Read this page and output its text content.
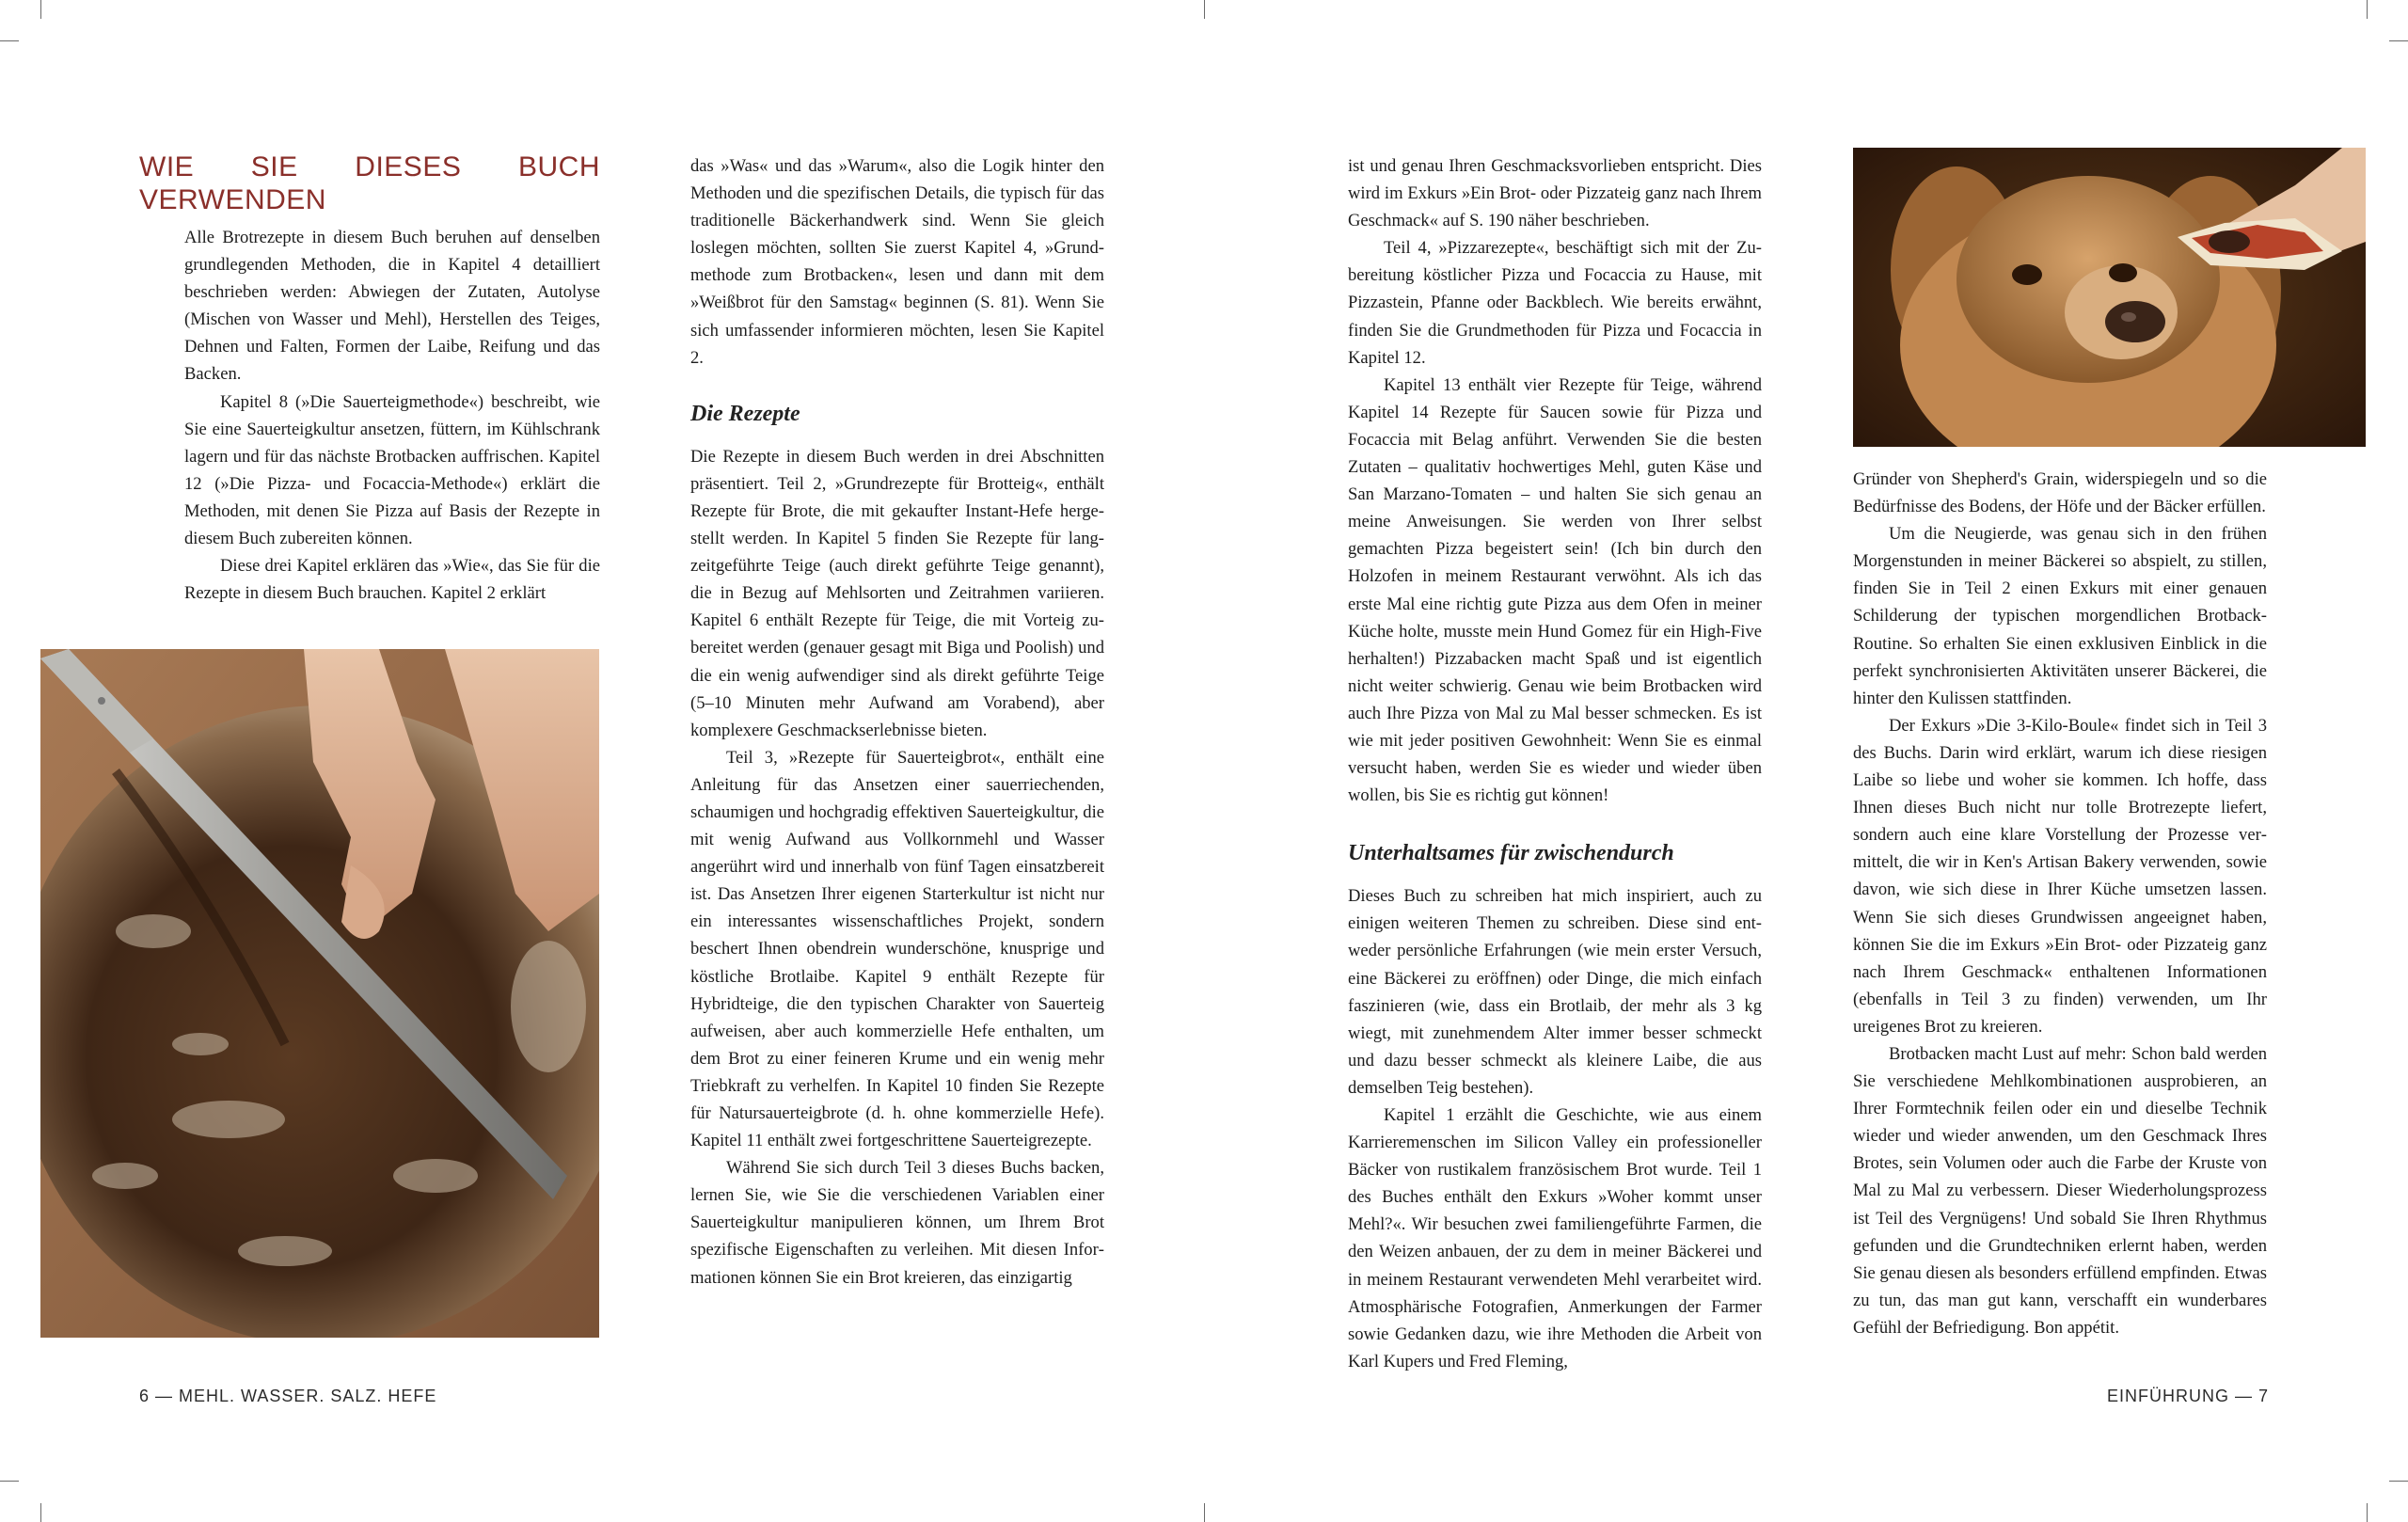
WIE SIE DIESES BUCH VERWENDEN

Alle Brotrezepte in diesem Buch beruhen auf denselben grundlegenden Methoden, die in Kapitel 4 detailliert beschrieben werden: Abwiegen der Zutaten, Autolyse (Mischen von Wasser und Mehl), Herstellen des Teiges, Dehnen und Falten, Formen der Laibe, Reifung und das Backen.

Kapitel 8 (»Die Sauerteigmethode«) beschreibt, wie Sie eine Sauerteigkultur ansetzen, füttern, im Kühlschrank lagern und für das nächste Brotbacken auffrischen. Kapitel 12 (»Die Pizza- und Focaccia-Methode«) erklärt die Methoden, mit denen Sie Pizza auf Basis der Rezepte in diesem Buch zubereiten können.

Diese drei Kapitel erklären das »Wie«, das Sie für die Rezepte in diesem Buch brauchen. Kapitel 2 erklärt

das »Was« und das »Warum«, also die Logik hinter den Methoden und die spezifischen Details, die typisch für das traditionelle Bäckerhandwerk sind. Wenn Sie gleich loslegen möchten, sollten Sie zuerst Kapitel 4, »Grundmethode zum Brotbacken«, lesen und dann mit dem »Weißbrot für den Samstag« beginnen (S. 81). Wenn Sie sich umfassender informieren möchten, lesen Sie Kapitel 2.

Die Rezepte

Die Rezepte in diesem Buch werden in drei Abschnitten präsentiert. Teil 2, »Grundrezepte für Brotteig«, enthält Rezepte für Brote, die mit gekaufter Instant-Hefe hergestellt werden. In Kapitel 5 finden Sie Rezepte für langzeitgeführte Teige (auch direkt geführte Teige genannt), die in Bezug auf Mehlsorten und Zeitrahmen variieren. Kapitel 6 enthält Rezepte für Teige, die mit Vorteig zubereitet werden (genauer gesagt mit Biga und Poolish) und die ein wenig aufwendiger sind als direkt geführte Teige (5–10 Minuten mehr Aufwand am Vorabend), aber komplexere Geschmackserlebnisse bieten.

Teil 3, »Rezepte für Sauerteigbrot«, enthält eine Anleitung für das Ansetzen einer sauerriechenden, schaumigen und hochgradig effektiven Sauerteigkultur, die mit wenig Aufwand aus Vollkornmehl und Wasser angerührt wird und innerhalb von fünf Tagen einsatzbereit ist. Das Ansetzen Ihrer eigenen Starterkultur ist nicht nur ein interessantes wissenschaftliches Projekt, sondern beschert Ihnen obendrein wunderschöne, knusprige und köstliche Brotlaibe. Kapitel 9 enthält Rezepte für Hybridteige, die den typischen Charakter von Sauerteig aufweisen, aber auch kommerzielle Hefe enthalten, um dem Brot zu einer feineren Krume und ein wenig mehr Triebkraft zu verhelfen. In Kapitel 10 finden Sie Rezepte für Natursauerteigbrote (d. h. ohne kommerzielle Hefe). Kapitel 11 enthält zwei fortgeschrittene Sauerteigrezepte.

Während Sie sich durch Teil 3 dieses Buchs backen, lernen Sie, wie Sie die verschiedenen Variablen einer Sauerteigkultur manipulieren können, um Ihrem Brot spezifische Eigenschaften zu verleihen. Mit diesen Informationen können Sie ein Brot kreieren, das einzigartig

6 — MEHL. WASSER. SALZ. HEFE

ist und genau Ihren Geschmacksvorlieben entspricht. Dies wird im Exkurs »Ein Brot- oder Pizzateig ganz nach Ihrem Geschmack« auf S. 190 näher beschrieben.

Teil 4, »Pizzarezepte«, beschäftigt sich mit der Zubereitung köstlicher Pizza und Focaccia zu Hause, mit Pizzastein, Pfanne oder Backblech. Wie bereits erwähnt, finden Sie die Grundmethoden für Pizza und Focaccia in Kapitel 12.

Kapitel 13 enthält vier Rezepte für Teige, während Kapitel 14 Rezepte für Saucen sowie für Pizza und Focaccia mit Belag anführt. Verwenden Sie die besten Zutaten – qualitativ hochwertiges Mehl, guten Käse und San Marzano-Tomaten – und halten Sie sich genau an meine Anweisungen. Sie werden von Ihrer selbst gemachten Pizza begeistert sein! (Ich bin durch den Holzofen in meinem Restaurant verwöhnt. Als ich das erste Mal eine richtig gute Pizza aus dem Ofen in meiner Küche holte, musste mein Hund Gomez für ein High-Five herhalten!) Pizzabacken macht Spaß und ist eigentlich nicht weiter schwierig. Genau wie beim Brotbacken wird auch Ihre Pizza von Mal zu Mal besser schmecken. Es ist wie mit jeder positiven Gewohnheit: Wenn Sie es einmal versucht haben, werden Sie es wieder und wieder üben wollen, bis Sie es richtig gut können!

Unterhaltsames für zwischendurch

Dieses Buch zu schreiben hat mich inspiriert, auch zu einigen weiteren Themen zu schreiben. Diese sind entweder persönliche Erfahrungen (wie mein erster Versuch, eine Bäckerei zu eröffnen) oder Dinge, die mich einfach faszinieren (wie, dass ein Brotlaib, der mehr als 3 kg wiegt, mit zunehmendem Alter immer besser schmeckt und dazu besser schmeckt als kleinere Laibe, die aus demselben Teig bestehen).

Kapitel 1 erzählt die Geschichte, wie aus einem Karrieremenschen im Silicon Valley ein professioneller Bäcker von rustikalem französischem Brot wurde. Teil 1 des Buches enthält den Exkurs »Woher kommt unser Mehl?«. Wir besuchen zwei familiengeführte Farmen, die den Weizen anbauen, der zu dem in meiner Bäckerei und in meinem Restaurant verwendeten Mehl verarbeitet wird. Atmosphärische Fotografien, Anmerkungen der Farmer sowie Gedanken dazu, wie ihre Methoden die Arbeit von Karl Kupers und Fred Fleming,

Gründer von Shepherd's Grain, widerspiegeln und so die Bedürfnisse des Bodens, der Höfe und der Bäcker erfüllen.

Um die Neugierde, was genau sich in den frühen Morgenstunden in meiner Bäckerei so abspielt, zu stillen, finden Sie in Teil 2 einen Exkurs mit einer genauen Schilderung der typischen morgendlichen Brotback-Routine. So erhalten Sie einen exklusiven Einblick in die perfekt synchronisierten Aktivitäten unserer Bäckerei, die hinter den Kulissen stattfinden.

Der Exkurs »Die 3-Kilo-Boule« findet sich in Teil 3 des Buchs. Darin wird erklärt, warum ich diese riesigen Laibe so liebe und woher sie kommen. Ich hoffe, dass Ihnen dieses Buch nicht nur tolle Brotrezepte liefert, sondern auch eine klare Vorstellung der Prozesse vermittelt, die wir in Ken's Artisan Bakery verwenden, sowie davon, wie sich diese in Ihrer Küche umsetzen lassen. Wenn Sie sich dieses Grundwissen angeeignet haben, können Sie die im Exkurs »Ein Brot- oder Pizzateig ganz nach Ihrem Geschmack« enthaltenen Informationen (ebenfalls in Teil 3 zu finden) verwenden, um Ihr ureigenes Brot zu kreieren.

Brotbacken macht Lust auf mehr: Schon bald werden Sie verschiedene Mehlkombinationen ausprobieren, an Ihrer Formtechnik feilen oder ein und dieselbe Technik wieder und wieder anwenden, um den Geschmack Ihres Brotes, sein Volumen oder auch die Farbe der Kruste von Mal zu Mal zu verbessern. Dieser Wiederholungsprozess ist Teil des Vergnügens! Und sobald Sie Ihren Rhythmus gefunden und die Grundtechniken erlernt haben, werden Sie genau diesen als besonders erfüllend empfinden. Etwas zu tun, das man gut kann, verschafft ein wunderbares Gefühl der Befriedigung. Bon appétit.

EINFÜHRUNG — 7
